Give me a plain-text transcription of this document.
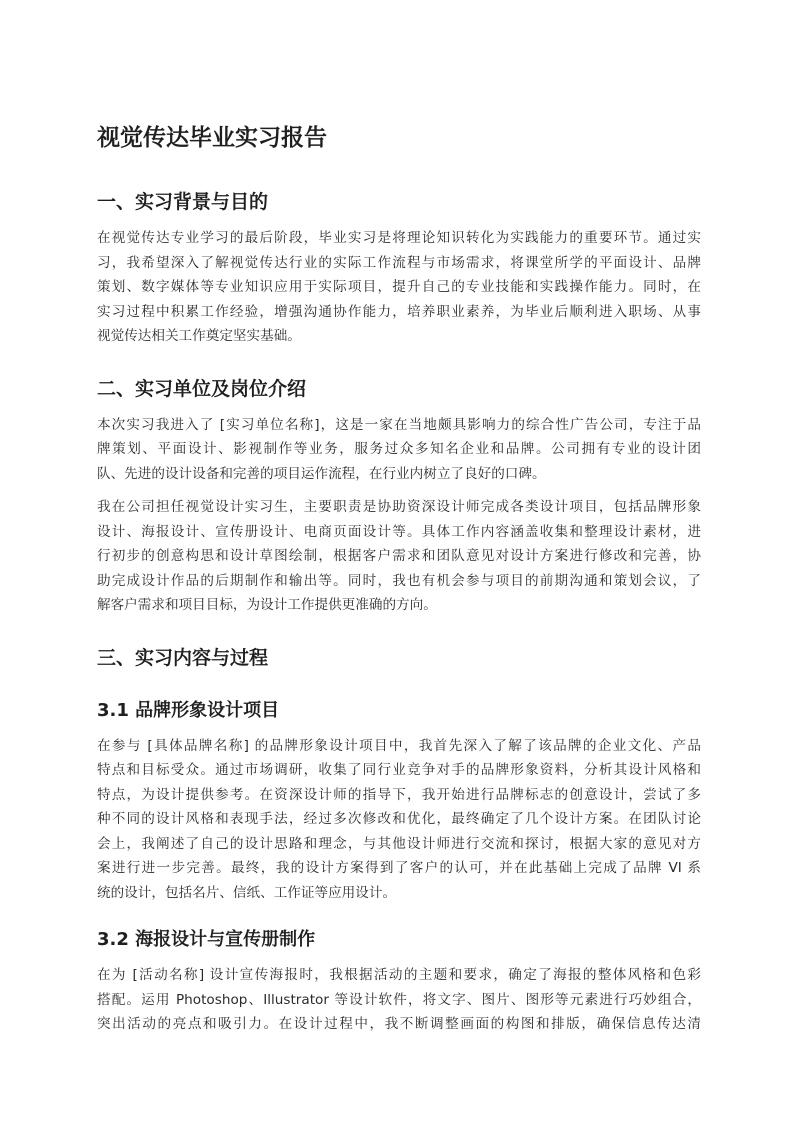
视觉传达毕业实习报告
一、实习背景与目的
在视觉传达专业学习的最后阶段，毕业实习是将理论知识转化为实践能力的重要环节。通过实
习，我希望深入了解视觉传达行业的实际工作流程与市场需求，将课堂所学的平面设计、品牌
策划、数字媒体等专业知识应用于实际项目，提升自己的专业技能和实践操作能力。同时，在
实习过程中积累工作经验，增强沟通协作能力，培养职业素养，为毕业后顺利进入职场、从事
视觉传达相关工作奠定坚实基础。
二、实习单位及岗位介绍
本次实习我进入了 [实习单位名称]，这是一家在当地颇具影响力的综合性广告公司，专注于品
牌策划、平面设计、影视制作等业务，服务过众多知名企业和品牌。公司拥有专业的设计团
队、先进的设计设备和完善的项目运作流程，在行业内树立了良好的口碑。
我在公司担任视觉设计实习生，主要职责是协助资深设计师完成各类设计项目，包括品牌形象
设计、海报设计、宣传册设计、电商页面设计等。具体工作内容涵盖收集和整理设计素材，进
行初步的创意构思和设计草图绘制，根据客户需求和团队意见对设计方案进行修改和完善，协
助完成设计作品的后期制作和输出等。同时，我也有机会参与项目的前期沟通和策划会议，了
解客户需求和项目目标，为设计工作提供更准确的方向。
三、实习内容与过程
3.1 品牌形象设计项目
在参与 [具体品牌名称] 的品牌形象设计项目中，我首先深入了解了该品牌的企业文化、产品
特点和目标受众。通过市场调研，收集了同行业竞争对手的品牌形象资料，分析其设计风格和
特点，为设计提供参考。在资深设计师的指导下，我开始进行品牌标志的创意设计，尝试了多
种不同的设计风格和表现手法，经过多次修改和优化，最终确定了几个设计方案。在团队讨论
会上，我阐述了自己的设计思路和理念，与其他设计师进行交流和探讨，根据大家的意见对方
案进行进一步完善。最终，我的设计方案得到了客户的认可，并在此基础上完成了品牌 VI 系
统的设计，包括名片、信纸、工作证等应用设计。
3.2 海报设计与宣传册制作
在为 [活动名称] 设计宣传海报时，我根据活动的主题和要求，确定了海报的整体风格和色彩
搭配。运用 Photoshop、Illustrator 等设计软件，将文字、图片、图形等元素进行巧妙组合，
突出活动的亮点和吸引力。在设计过程中，我不断调整画面的构图和排版，确保信息传达清
